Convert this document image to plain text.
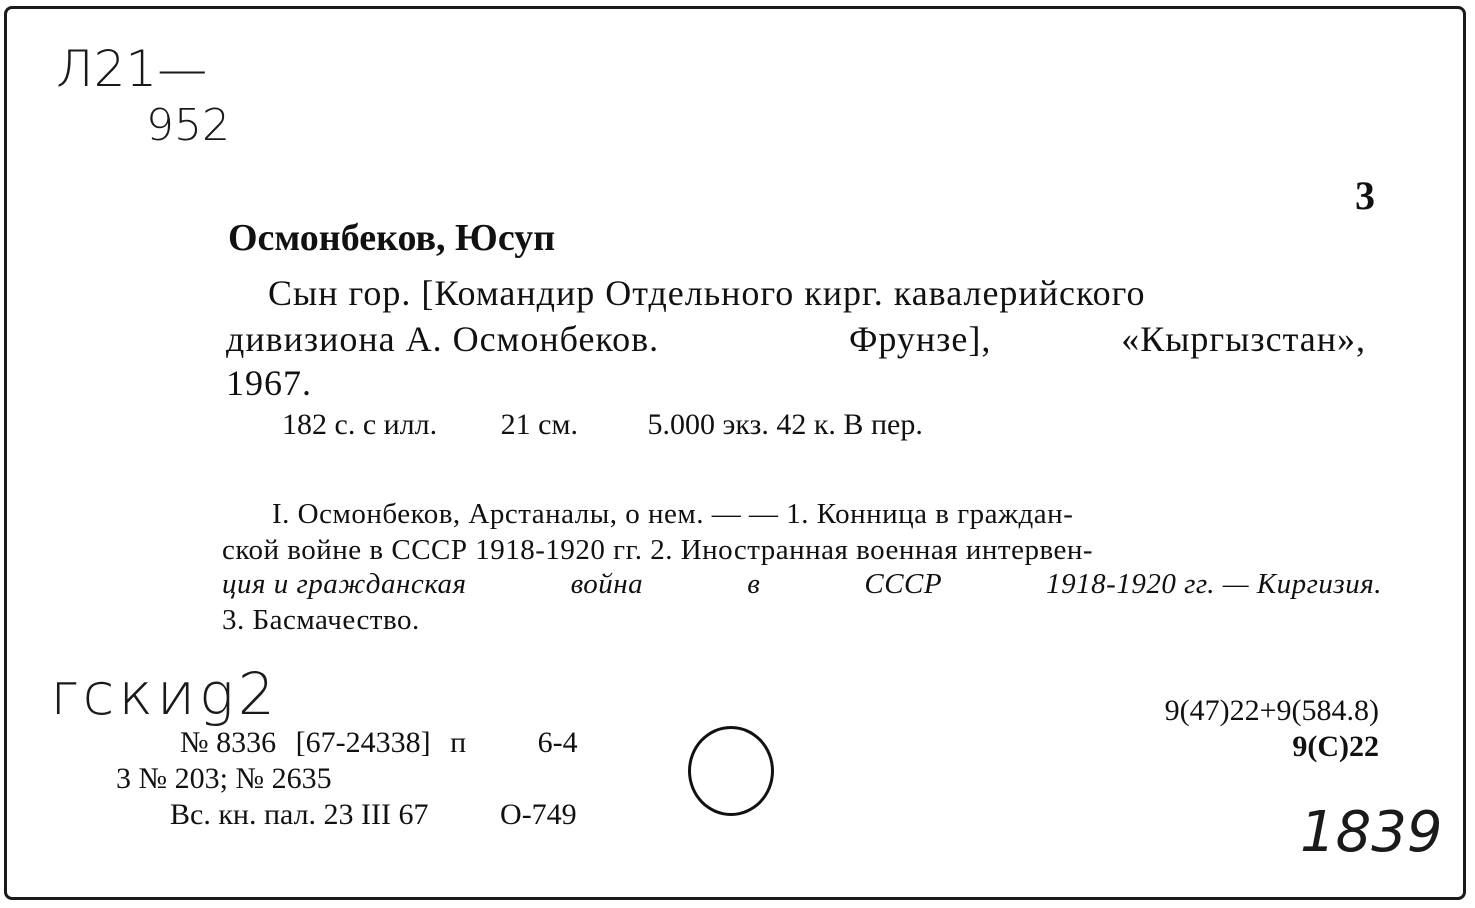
Л21—
952
гскиg2
1839
3
Осмонбеков, Юсуп
Сын гор. [Командир Отдельного кирг. кавалерийского
дивизиона А. Осмонбеков.	Фрунзе],	«Кыргызстан»,
1967.
182 с. с илл. 21 см. 5.000 экз. 42 к. В пер.
I. Осмонбеков, Арстаналы, о нем. — — 1. Конница в граждан-
ской войне в СССР 1918-1920 гг. 2. Иностранная военная интервен-
ция и гражданская	война	в	СССР	1918-1920 гг. — Киргизия.
3. Басмачество.
№ 8336 [67-24338] п 6-4
3 № 203; № 2635
Вс. кн. пал. 23 III 67 О-749
9(47)22+9(584.8)
9(С)22
